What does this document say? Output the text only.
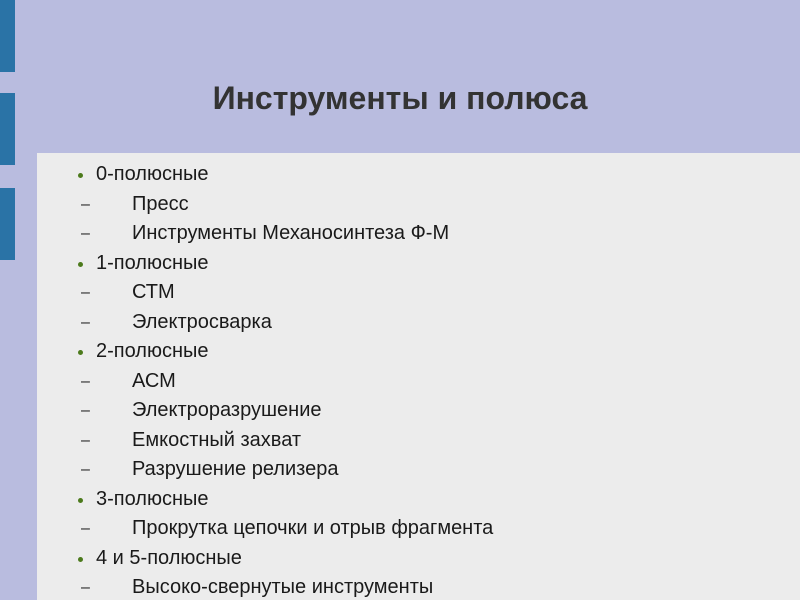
Инструменты и полюса
0-полюсные
– Пресс
– Инструменты Механосинтеза Ф-М
1-полюсные
– СТМ
– Электросварка
2-полюсные
– АСМ
– Электроразрушение
– Емкостный захват
– Разрушение релизера
3-полюсные
– Прокрутка цепочки и отрыв фрагмента
4 и 5-полюсные
– Высоко-свернутые инструменты
